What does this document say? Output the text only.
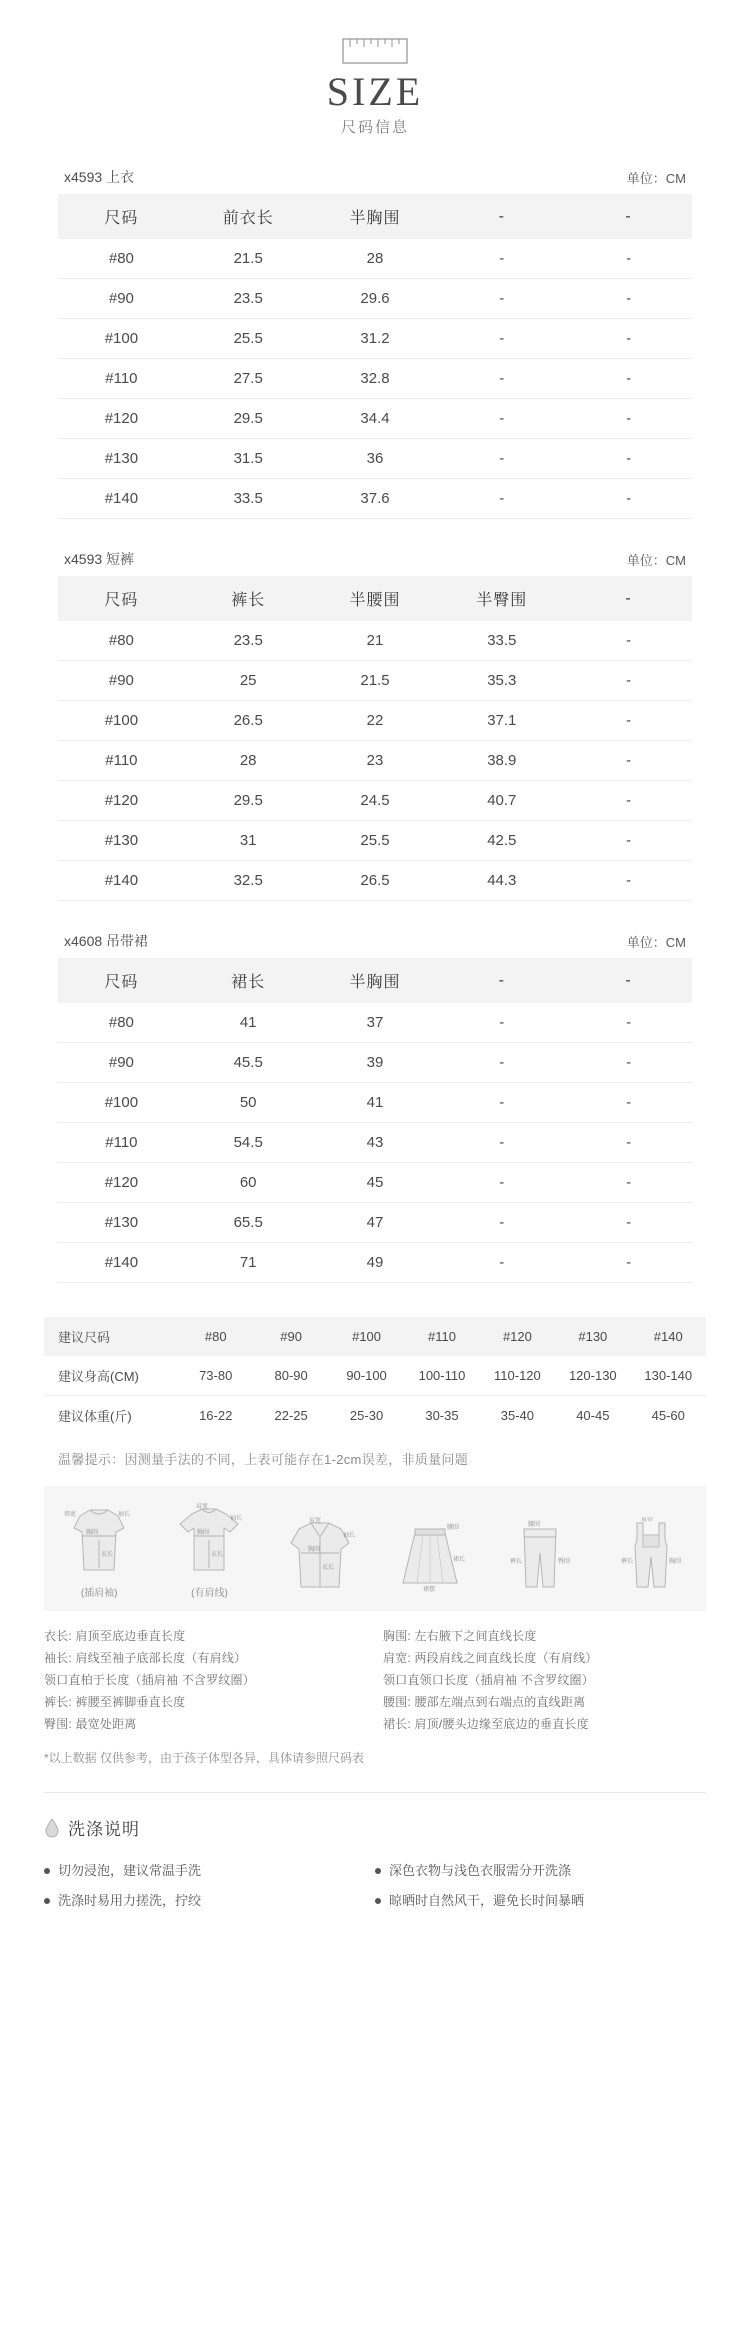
SIZE
尺码信息
x4593 上衣	单位：CM
尺码	前衣长	半胸围	-	-
#80	21.5	28	-	-
#90	23.5	29.6	-	-
#100	25.5	31.2	-	-
#110	27.5	32.8	-	-
#120	29.5	34.4	-	-
#130	31.5	36	-	-
#140	33.5	37.6	-	-
x4593 短裤	单位：CM
尺码	裤长	半腰围	半臀围	-
#80	23.5	21	33.5	-
#90	25	21.5	35.3	-
#100	26.5	22	37.1	-
#110	28	23	38.9	-
#120	29.5	24.5	40.7	-
#130	31	25.5	42.5	-
#140	32.5	26.5	44.3	-
x4608 吊带裙	单位：CM
尺码	裙长	半胸围	-	-
#80	41	37	-	-
#90	45.5	39	-	-
#100	50	41	-	-
#110	54.5	43	-	-
#120	60	45	-	-
#130	65.5	47	-	-
#140	71	49	-	-
建议尺码	#80	#90	#100	#110	#120	#130	#140
建议身高(CM)	73-80	80-90	90-100	100-110	110-120	120-130	130-140
建议体重(斤)	16-22	22-25	25-30	30-35	35-40	40-45	45-60
温馨提示：因测量手法的不同，上表可能存在1-2cm误差，非质量问题
领宽	袖长
胸围
衣长
(插肩袖)
肩宽
袖长
胸围
衣长
(有肩线)
肩宽
袖长
胸围
衣长
腰围
裙长
裙摆
腰围
裤长	臀围
肩带
裤长	胸围
衣长: 肩顶至底边垂直长度
袖长: 肩线至袖子底部长度（有肩线）
领口直柏于长度（插肩袖 不含罗纹圈）
裤长: 裤腰至裤脚垂直长度
臀围: 最宽处距离
胸围: 左右腋下之间直线长度
肩宽: 两段肩线之间直线长度（有肩线）
领口直领口长度（插肩袖 不含罗纹圈）
腰围: 腰部左端点到右端点的直线距离
裙长: 肩顶/腰头边缘至底边的垂直长度
*以上数据 仅供参考，由于孩子体型各异，具体请参照尺码表
洗涤说明
切勿浸泡，建议常温手洗
洗涤时易用力搓洗，拧绞
深色衣物与浅色衣服需分开洗涤
晾晒时自然风干，避免长时间暴晒
